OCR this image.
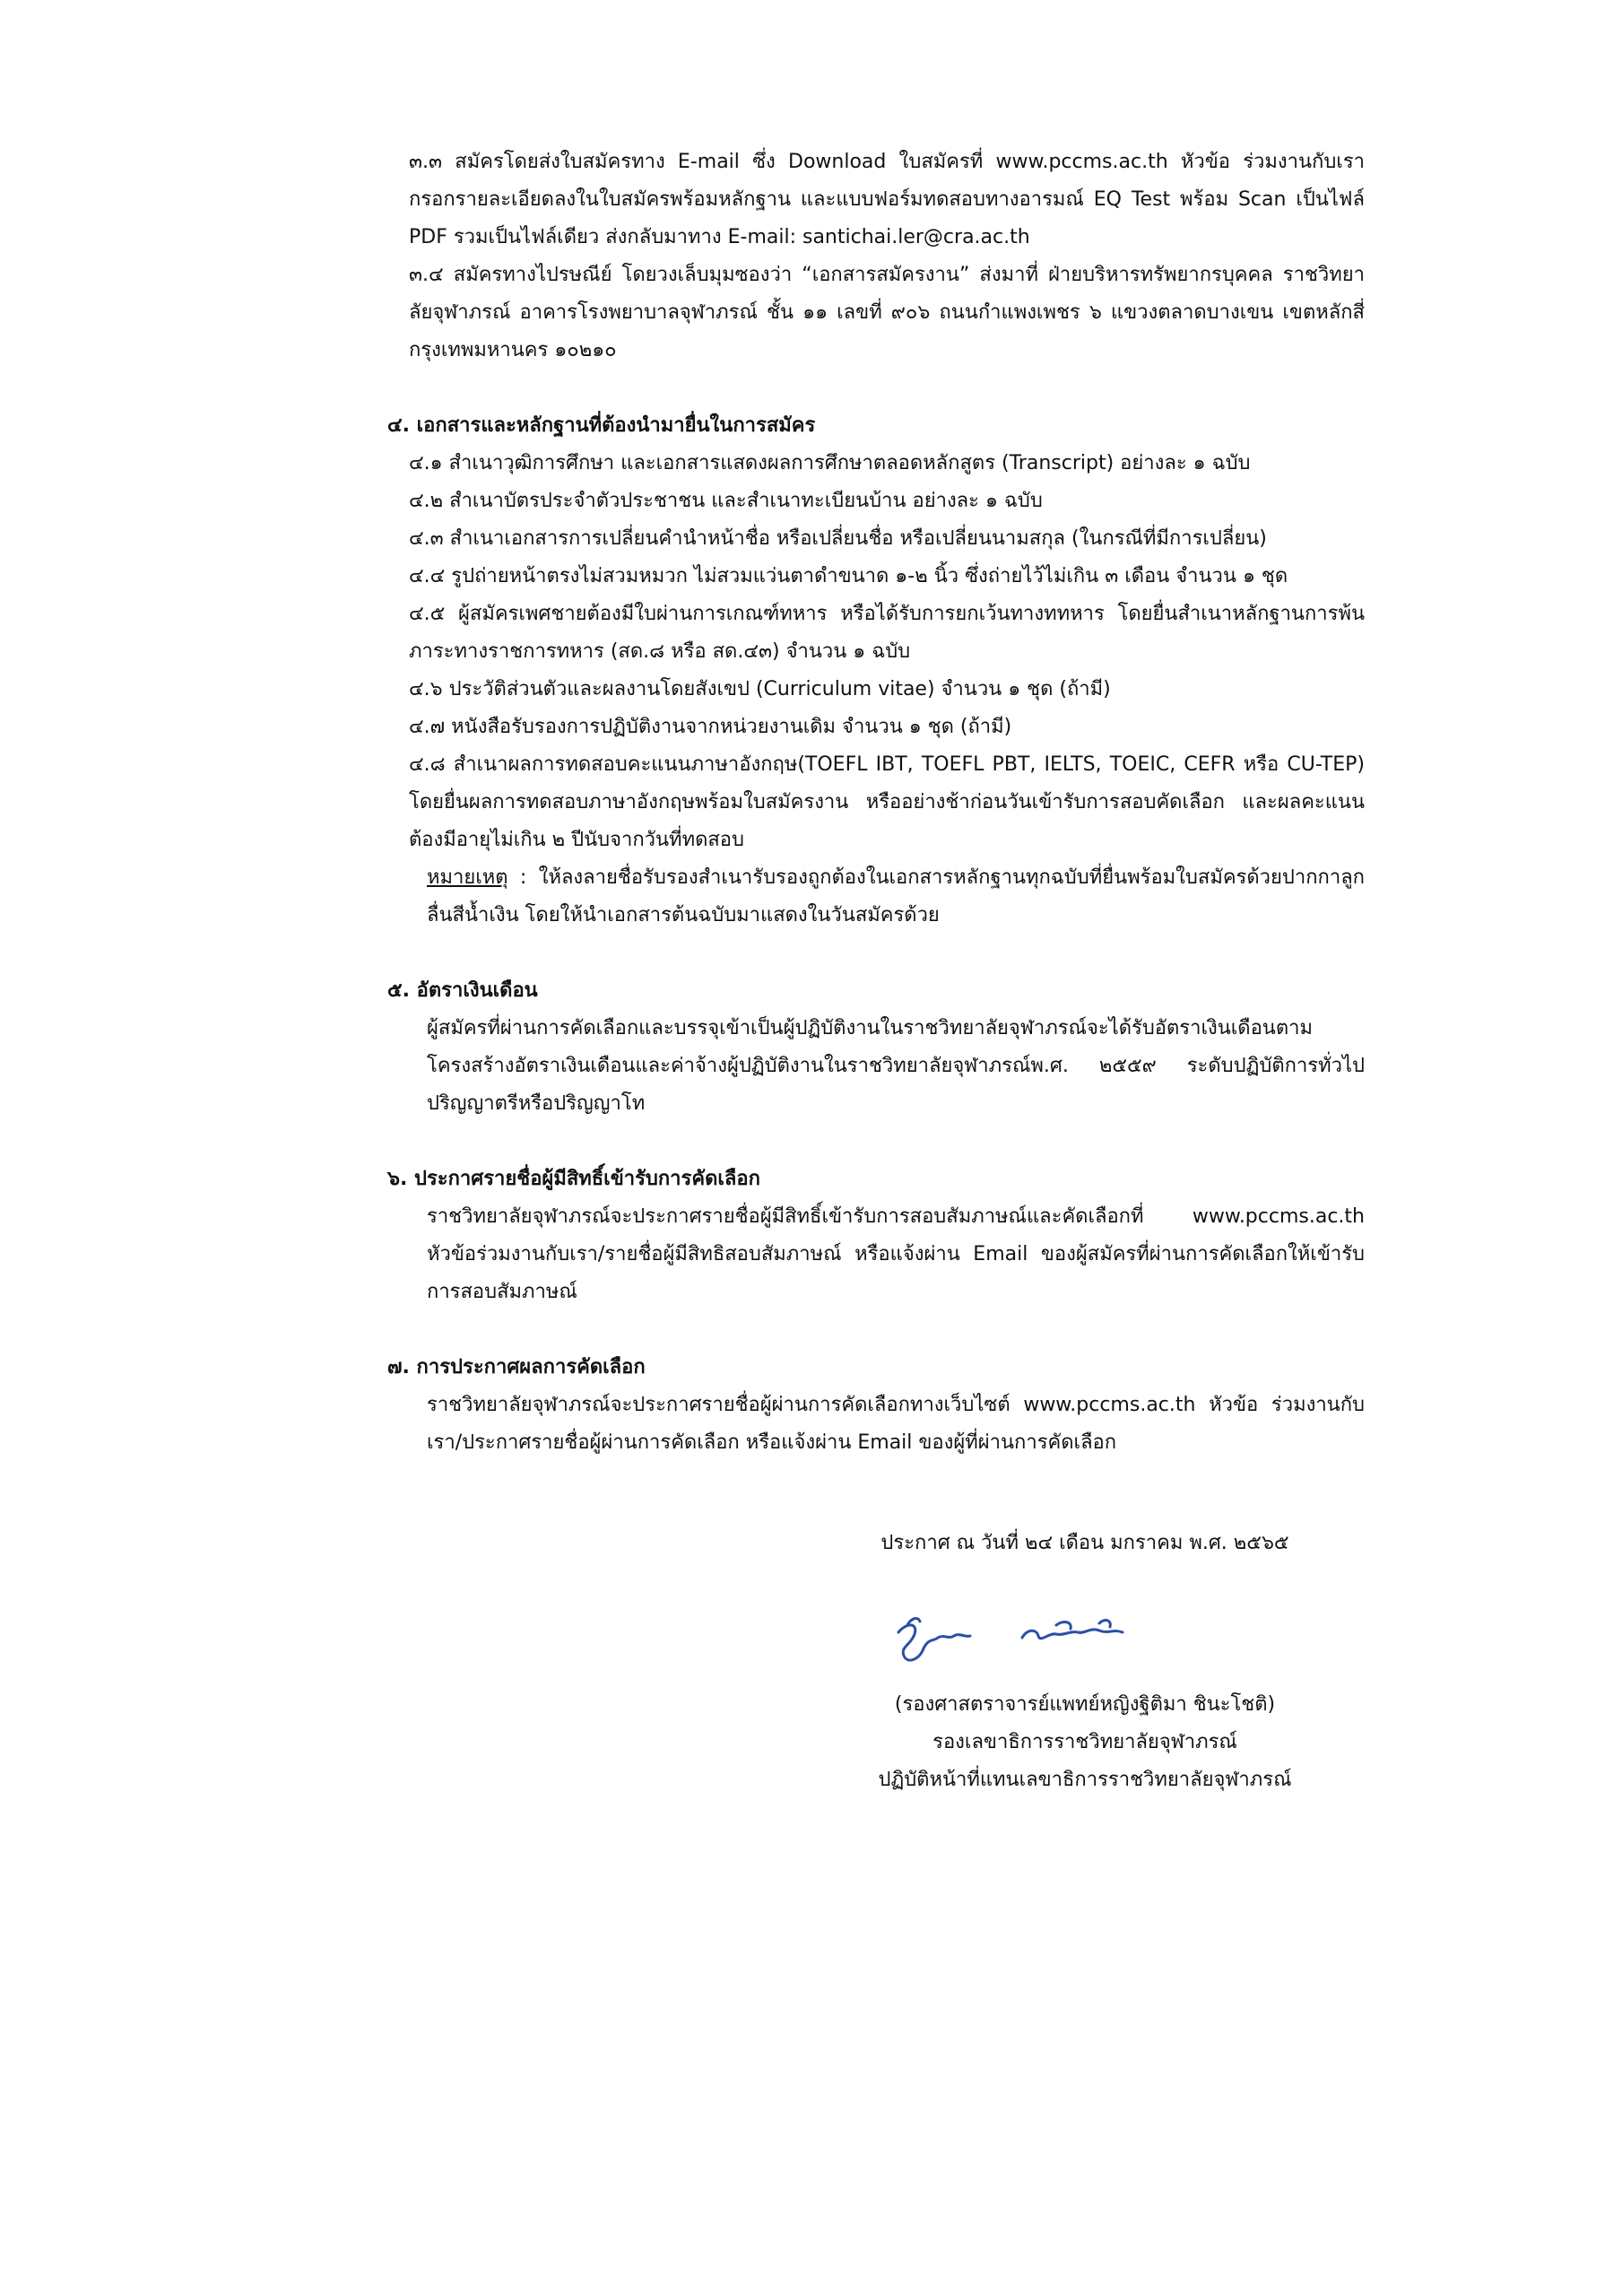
๓.๓ สมัครโดยส่งใบสมัครทาง E-mail ซึ่ง Download ใบสมัครที่ www.pccms.ac.th หัวข้อ ร่วมงานกับเรา กรอกรายละเอียดลงในใบสมัครพร้อมหลักฐาน และแบบฟอร์มทดสอบทางอารมณ์ EQ Test พร้อม Scan เป็นไฟล์ PDF รวมเป็นไฟล์เดียว ส่งกลับมาทาง E-mail: santichai.ler@cra.ac.th

๓.๔ สมัครทางไปรษณีย์ โดยวงเล็บมุมซองว่า “เอกสารสมัครงาน” ส่งมาที่ ฝ่ายบริหารทรัพยากรบุคคล ราชวิทยาลัยจุฬาภรณ์ อาคารโรงพยาบาลจุฬาภรณ์ ชั้น ๑๑ เลขที่ ๙๐๖ ถนนกำแพงเพชร ๖ แขวงตลาดบางเขน เขตหลักสี่ กรุงเทพมหานคร ๑๐๒๑๐

๔. เอกสารและหลักฐานที่ต้องนำมายื่นในการสมัคร

๔.๑ สำเนาวุฒิการศึกษา และเอกสารแสดงผลการศึกษาตลอดหลักสูตร (Transcript) อย่างละ ๑ ฉบับ

๔.๒ สำเนาบัตรประจำตัวประชาชน และสำเนาทะเบียนบ้าน อย่างละ ๑ ฉบับ

๔.๓ สำเนาเอกสารการเปลี่ยนคำนำหน้าชื่อ หรือเปลี่ยนชื่อ หรือเปลี่ยนนามสกุล (ในกรณีที่มีการเปลี่ยน)

๔.๔ รูปถ่ายหน้าตรงไม่สวมหมวก ไม่สวมแว่นตาดำขนาด ๑-๒ นิ้ว ซึ่งถ่ายไว้ไม่เกิน ๓ เดือน จำนวน ๑ ชุด

๔.๕ ผู้สมัครเพศชายต้องมีใบผ่านการเกณฑ์ทหาร หรือได้รับการยกเว้นทางททหาร โดยยื่นสำเนาหลักฐานการพ้นภาระทางราชการทหาร (สด.๘ หรือ สด.๔๓) จำนวน ๑ ฉบับ

๔.๖ ประวัติส่วนตัวและผลงานโดยสังเขป (Curriculum vitae) จำนวน ๑ ชุด (ถ้ามี)

๔.๗ หนังสือรับรองการปฏิบัติงานจากหน่วยงานเดิม จำนวน ๑ ชุด (ถ้ามี)

๔.๘ สำเนาผลการทดสอบคะแนนภาษาอังกฤษ(TOEFL IBT, TOEFL PBT, IELTS, TOEIC, CEFR หรือ CU-TEP) โดยยื่นผลการทดสอบภาษาอังกฤษพร้อมใบสมัครงาน หรืออย่างช้าก่อนวันเข้ารับการสอบคัดเลือก และผลคะแนนต้องมีอายุไม่เกิน ๒ ปีนับจากวันที่ทดสอบ

หมายเหตุ : ให้ลงลายชื่อรับรองสำเนารับรองถูกต้องในเอกสารหลักฐานทุกฉบับที่ยื่นพร้อมใบสมัครด้วยปากกาลูกลื่นสีน้ำเงิน โดยให้นำเอกสารต้นฉบับมาแสดงในวันสมัครด้วย

๕. อัตราเงินเดือน

ผู้สมัครที่ผ่านการคัดเลือกและบรรจุเข้าเป็นผู้ปฏิบัติงานในราชวิทยาลัยจุฬาภรณ์จะได้รับอัตราเงินเดือนตามโครงสร้างอัตราเงินเดือนและค่าจ้างผู้ปฏิบัติงานในราชวิทยาลัยจุฬาภรณ์พ.ศ. ๒๕๕๙ ระดับปฏิบัติการทั่วไป ปริญญาตรีหรือปริญญาโท

๖. ประกาศรายชื่อผู้มีสิทธิ์เข้ารับการคัดเลือก

ราชวิทยาลัยจุฬาภรณ์จะประกาศรายชื่อผู้มีสิทธิ์เข้ารับการสอบสัมภาษณ์และคัดเลือกที่ www.pccms.ac.th หัวข้อร่วมงานกับเรา/รายชื่อผู้มีสิทธิสอบสัมภาษณ์ หรือแจ้งผ่าน Email ของผู้สมัครที่ผ่านการคัดเลือกให้เข้ารับการสอบสัมภาษณ์

๗. การประกาศผลการคัดเลือก

ราชวิทยาลัยจุฬาภรณ์จะประกาศรายชื่อผู้ผ่านการคัดเลือกทางเว็บไซต์ www.pccms.ac.th หัวข้อ ร่วมงานกับเรา/ประกาศรายชื่อผู้ผ่านการคัดเลือก หรือแจ้งผ่าน Email ของผู้ที่ผ่านการคัดเลือก

ประกาศ ณ วันที่ ๒๔ เดือน มกราคม พ.ศ. ๒๕๖๕

(รองศาสตราจารย์แพทย์หญิงฐิติมา ชินะโชติ)

รองเลขาธิการราชวิทยาลัยจุฬาภรณ์

ปฏิบัติหน้าที่แทนเลขาธิการราชวิทยาลัยจุฬาภรณ์
